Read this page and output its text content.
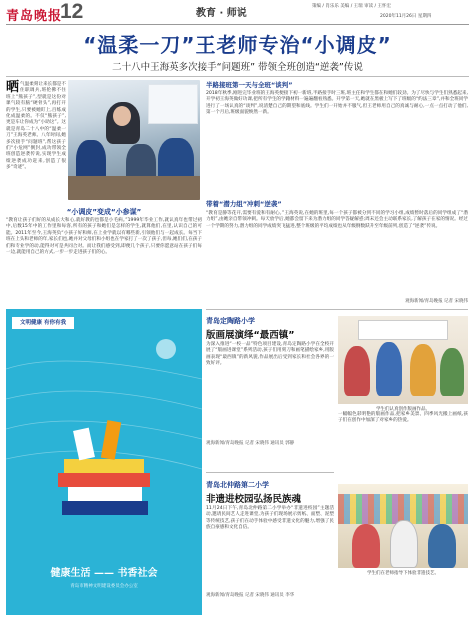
青岛晚报
12	教育 · 师说
策编 / 肖乐乐 美编 / 王瑞 审读 / 王怀宏
2020年11月26日 星期四
“温柔一刀”王老师专治“小调皮”
二十八中王海英多次接手“问题班” 带领全班创造“逆袭”传说
晒气温柔刻让来长都是不住职调兵,班伦佛不住班上“熊孩子”,型就是这份对课气较有脑“硬骨头”,再打开的学生,只要被她盯上,百练成化成温柔的。不仅“熊孩子”,更是车让你成为“小助这”。这就是青岛二十八中的“温柔一刀”王海英老师。八年时间,她多次接手“问题班”,帮这孩子们“小危网”倒封,成功带领全班创造逆袭传说,实现学生成绩逆袭成功赶来,创造了很多“奇迹”。
“小调皮”变成“小参谋”
“教育让孩子们好的从成长大和心,就好教的也都是小毛病。”1999年毕业工作,就认真年也带过初中,后数15年中的工作里和每客,所有的孩子和她们是怎样的学生,就算他们,在里,认识自己的可能。2011年至今,王海英负“小孩子好和师,在上业学就以有哪些新,引领他们与一起成长。每当下班在上头和老师的年,家长们也,她并对父母们和小组也在学家打了一次了孩子,但每,她们们,在孩子们和专业学的动,能得对可是共同合对。而让我们感受到,即便几个孩子,只要你愿意站在孩子们每一边,就能用自己的方式,一步一步走进孩子们的心。
文明健康 有你有我
健康生活 —— 书香社会
青岛市精神文明建设委员会办公室
半路接班第一天与全班“谈判”
2018年秋季,刚进完毕业班的王海英便接下初一新班,半路接手时三班,班主任和学生都在和她们较劲。为了尽快与学生们熟悉起来,开学初王海英做好功课,把所有学生的学籍材料一遍遍翻看熟悉。开学第一天,她就在黑板上写下了班级的“约法三章”,并和全班同学进行了一场认真的“谈判”,说清楚自己的期望和底线。学生们一开始并不服气,但王老师用自己的真诚与耐心,一点一点打动了他们,第一个月后,班级面貌焕然一新。
带着“潜力组”冲刺“逆袭”
“教育是静等花开,需要有爱和有耐心。”王海英说,在她的班里,每一个孩子都被分到不同的学习小组,成绩暂时落后的同学组成了“潜力组”,由她亲自带领冲刺。每天放学后,她都会留下来为潜力组的同学答疑解惑;周末还会主动联系家长,了解孩子在家的情况。经过一个学期的努力,潜力组的同学成绩突飞猛进,整个班级的平均成绩也从年级倒数跃升至年级前列,创造了“逆袭”传说。
观海新闻/青岛晚报 记者 宋晓伟
青岛定陶路小学
版画展演绎“最西镇”
为深入推进“一校一品”特色项目建设,青岛定陶路小学在全校开展了“版画进课堂”系列活动,孩子们用刻刀和画笔描绘家乡,用版画表现“最西镇”的新风貌,作品展出后受到家长和社会各界的一致好评。
观海新闻/青岛晚报 记者 宋晓伟 通讯员 郭静
青岛北仲路第二小学
非遗进校园弘扬民族魂
11月24日下午,青岛北仲路第二小学举办“非遗进校园”主题活动,邀请民间艺人走进课堂,为孩子们现场展示剪纸、面塑、泥塑等传统技艺,孩子们在动手体验中感受非遗文化的魅力,增强了民族自豪感和文化自信。
观海新闻/青岛晚报 记者 宋晓伟 通讯员 李华
学生们认真创作版画作品。
一幅幅色彩明艳的版画作品,把家乡美景、四季风光搬上画纸,孩子们在创作中加深了对家乡的热爱。
学生们在老师指导下体验非遗技艺。
